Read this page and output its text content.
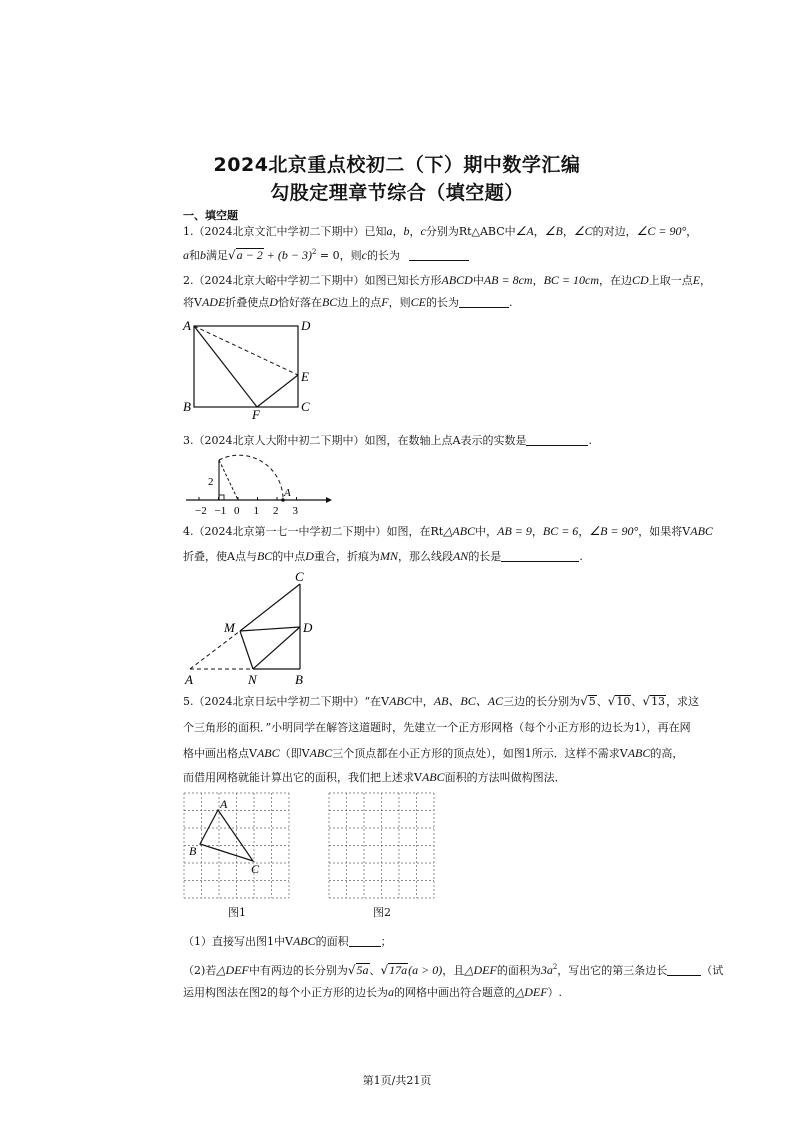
2024北京重点校初二（下）期中数学汇编
勾股定理章节综合（填空题）
一、填空题
1.（2024北京文汇中学初二下期中）已知a，b，c分别为Rt△ABC中∠A，∠B，∠C的对边，∠C = 90°，
a和b满足$√a - 2 + (b - 3)^2 = 0$，则c的长为
2.（2024北京大峪中学初二下期中）如图已知长方形ABCD中AB = 8cm，BC = 10cm，在边CD上取一点E，
将VADE折叠使点D恰好落在BC边上的点F，则CE的长为	.
A
B	C
D
E
F
3.（2024北京人大附中初二下期中）如图，在数轴上点A表示的实数是	.
−2 −1 0 1 2 3
2
A
4.（2024北京第一七一中学初二下期中）如图，在Rt△ABC中，AB = 9，BC = 6，∠B = 90°，如果将VABC
折叠，使A点与BC的中点D重合，折痕为MN，那么线段AN的长是	.
C
M	D
A	N	B
5.（2024北京日坛中学初二下期中）“在VABC中，AB、BC、AC三边的长分别为√5、√10、√13，求这
个三角形的面积．”小明同学在解答这道题时，先建立一个正方形网格（每个小正方形的边长为1），再在网
格中画出格点VABC（即VABC三个顶点都在小正方形的顶点处），如图1所示．这样不需求VABC的高，
而借用网格就能计算出它的面积，我们把上述求VABC面积的方法叫做构图法．
A
B
C
图1	图2
（1）直接写出图1中VABC的面积	；
（2)若△DEF中有两边的长分别为√5a、√17a(a > 0)，且△DEF的面积为$3a^2$，写出它的第三条边长	（试
运用构图法在图2的每个小正方形的边长为a的网格中画出符合题意的△DEF）.
第1页/共21页
